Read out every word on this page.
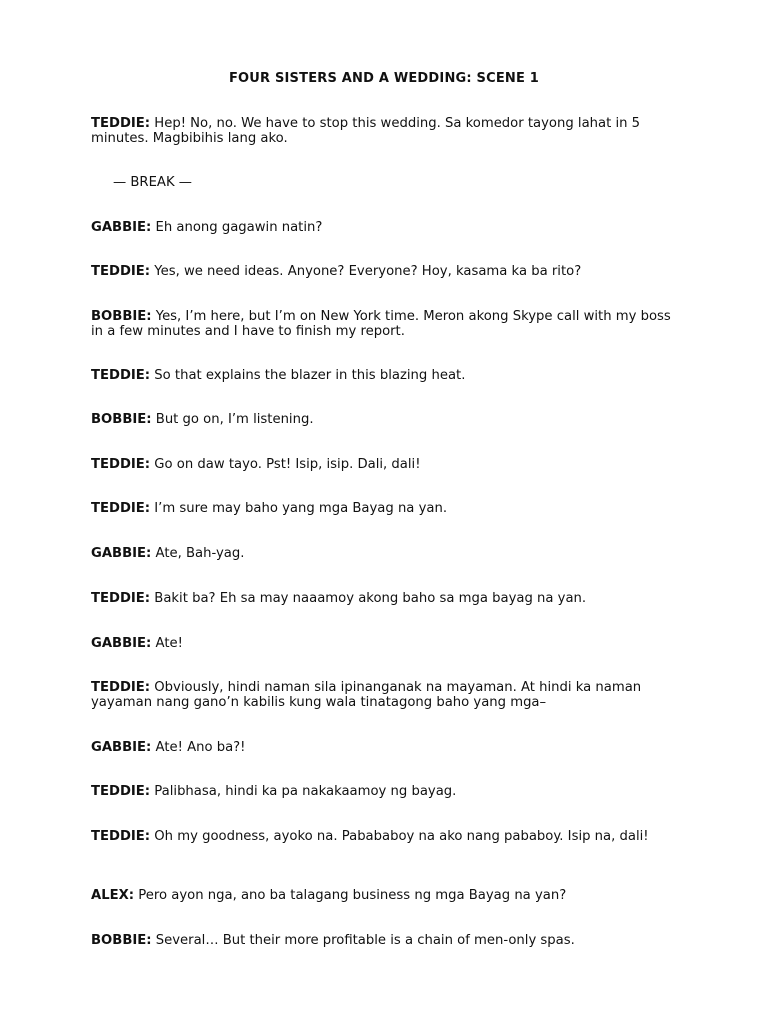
FOUR SISTERS AND A WEDDING: SCENE 1
TEDDIE: Hep! No, no. We have to stop this wedding. Sa komedor tayong lahat in 5 minutes. Magbibihis lang ako.
— BREAK —
GABBIE: Eh anong gagawin natin?
TEDDIE: Yes, we need ideas. Anyone? Everyone? Hoy, kasama ka ba rito?
BOBBIE: Yes, I’m here, but I’m on New York time. Meron akong Skype call with my boss in a few minutes and I have to finish my report.
TEDDIE: So that explains the blazer in this blazing heat.
BOBBIE: But go on, I’m listening.
TEDDIE: Go on daw tayo. Pst! Isip, isip. Dali, dali!
TEDDIE: I’m sure may baho yang mga Bayag na yan.
GABBIE: Ate, Bah-yag.
TEDDIE: Bakit ba? Eh sa may naaamoy akong baho sa mga bayag na yan.
GABBIE: Ate!
TEDDIE: Obviously, hindi naman sila ipinanganak na mayaman. At hindi ka naman yayaman nang gano’n kabilis kung wala tinatagong baho yang mga–
GABBIE: Ate! Ano ba?!
TEDDIE: Palibhasa, hindi ka pa nakakaamoy ng bayag.
TEDDIE: Oh my goodness, ayoko na. Pabababoy na ako nang pababoy. Isip na, dali!
ALEX: Pero ayon nga, ano ba talagang business ng mga Bayag na yan?
BOBBIE: Several… But their more profitable is a chain of men-only spas.
